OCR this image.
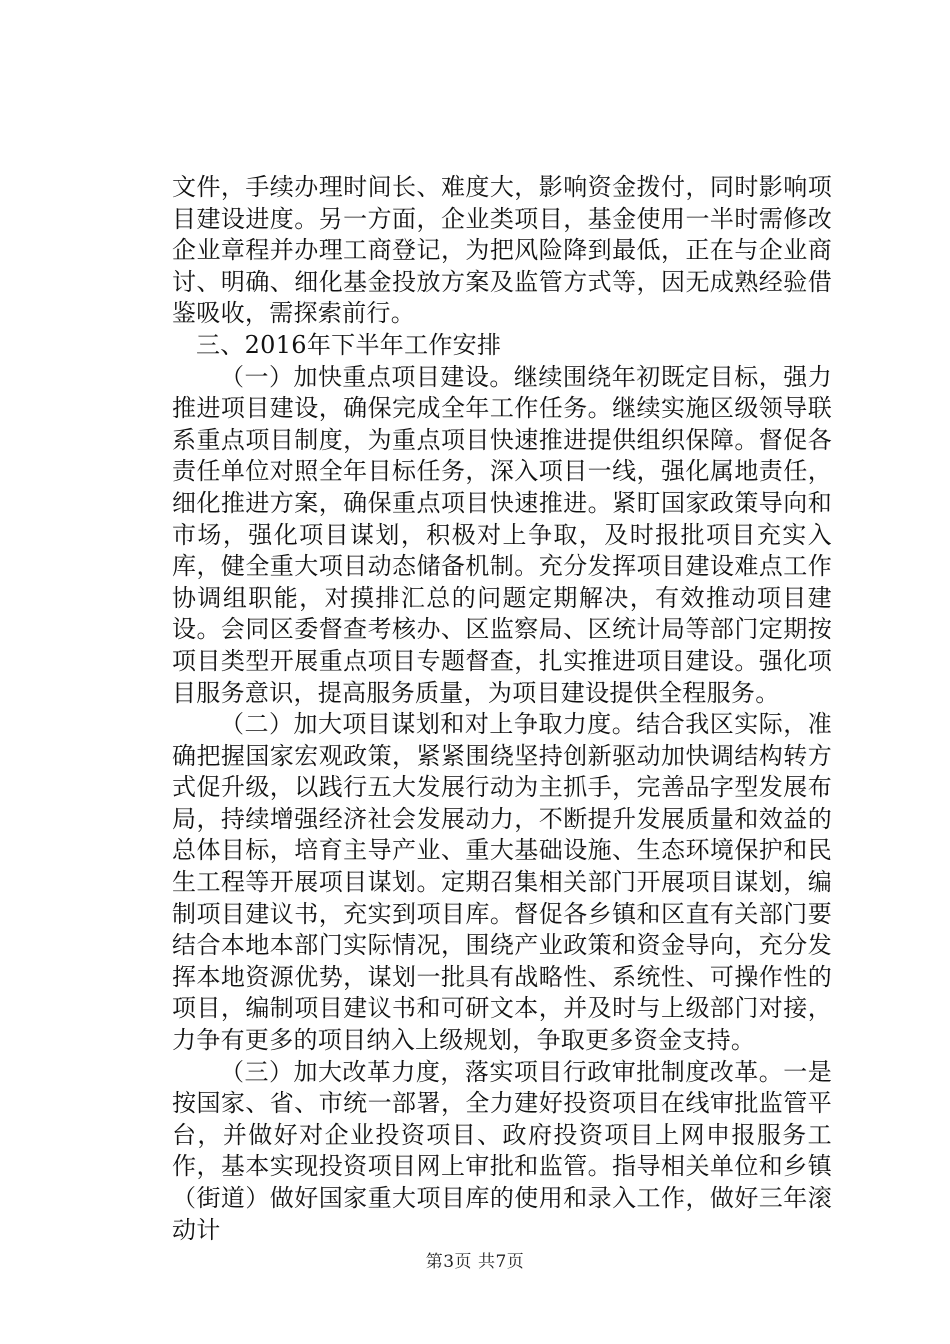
文件，手续办理时间长、难度大，影响资金拨付，同时影响项目建设进度。另一方面，企业类项目，基金使用一半时需修改企业章程并办理工商登记，为把风险降到最低，正在与企业商讨、明确、细化基金投放方案及监管方式等，因无成熟经验借鉴吸收，需探索前行。

三、2016年下半年工作安排

（一）加快重点项目建设。继续围绕年初既定目标，强力推进项目建设，确保完成全年工作任务。继续实施区级领导联系重点项目制度，为重点项目快速推进提供组织保障。督促各责任单位对照全年目标任务，深入项目一线，强化属地责任，细化推进方案，确保重点项目快速推进。紧盯国家政策导向和市场，强化项目谋划，积极对上争取，及时报批项目充实入库，健全重大项目动态储备机制。充分发挥项目建设难点工作协调组职能，对摸排汇总的问题定期解决，有效推动项目建设。会同区委督查考核办、区监察局、区统计局等部门定期按项目类型开展重点项目专题督查，扎实推进项目建设。强化项目服务意识，提高服务质量，为项目建设提供全程服务。

（二）加大项目谋划和对上争取力度。结合我区实际，准确把握国家宏观政策，紧紧围绕坚持创新驱动加快调结构转方式促升级，以践行五大发展行动为主抓手，完善品字型发展布局，持续增强经济社会发展动力，不断提升发展质量和效益的总体目标，培育主导产业、重大基础设施、生态环境保护和民生工程等开展项目谋划。定期召集相关部门开展项目谋划，编制项目建议书，充实到项目库。督促各乡镇和区直有关部门要结合本地本部门实际情况，围绕产业政策和资金导向，充分发挥本地资源优势，谋划一批具有战略性、系统性、可操作性的项目，编制项目建议书和可研文本，并及时与上级部门对接，力争有更多的项目纳入上级规划，争取更多资金支持。

（三）加大改革力度，落实项目行政审批制度改革。一是按国家、省、市统一部署，全力建好投资项目在线审批监管平台，并做好对企业投资项目、政府投资项目上网申报服务工作，基本实现投资项目网上审批和监管。指导相关单位和乡镇（街道）做好国家重大项目库的使用和录入工作，做好三年滚动计

第3页 共7页
